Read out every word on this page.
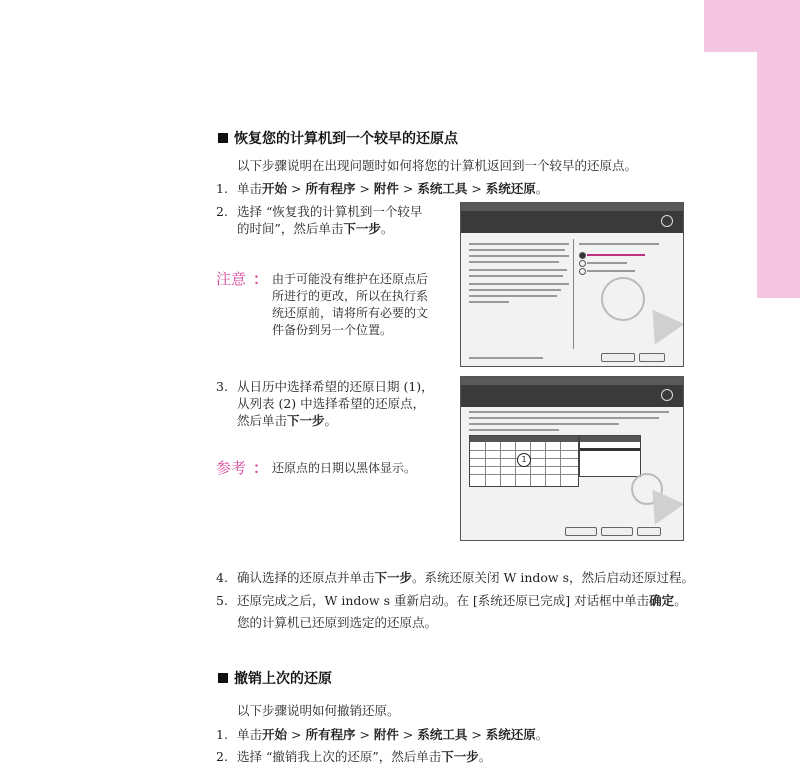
恢复您的计算机到一个较早的还原点
以下步骤说明在出现问题时如何将您的计算机返回到一个较早的还原点。
1. 单击开始 > 所有程序 > 附件 > 系统工具 > 系统还原。
2. 选择 “恢复我的计算机到一个较早
的时间”，然后单击下一步。
注意 ： 由于可能没有维护在还原点后
所进行的更改，所以在执行系
统还原前，请将所有必要的文
件备份到另一个位置。
3. 从日历中选择希望的还原日期 (1)，
从列表 (2) 中选择希望的还原点，
然后单击下一步。
参考 ： 还原点的日期以黑体显示。
1
4. 确认选择的还原点并单击下一步。系统还原关闭 W indow s，然后启动还原过程。
5. 还原完成之后，W indow s 重新启动。在 [系统还原已完成] 对话框中单击确定。
您的计算机已还原到选定的还原点。
撤销上次的还原
以下步骤说明如何撤销还原。
1. 单击开始 > 所有程序 > 附件 > 系统工具 > 系统还原。
2. 选择 “撤销我上次的还原”，然后单击下一步。
